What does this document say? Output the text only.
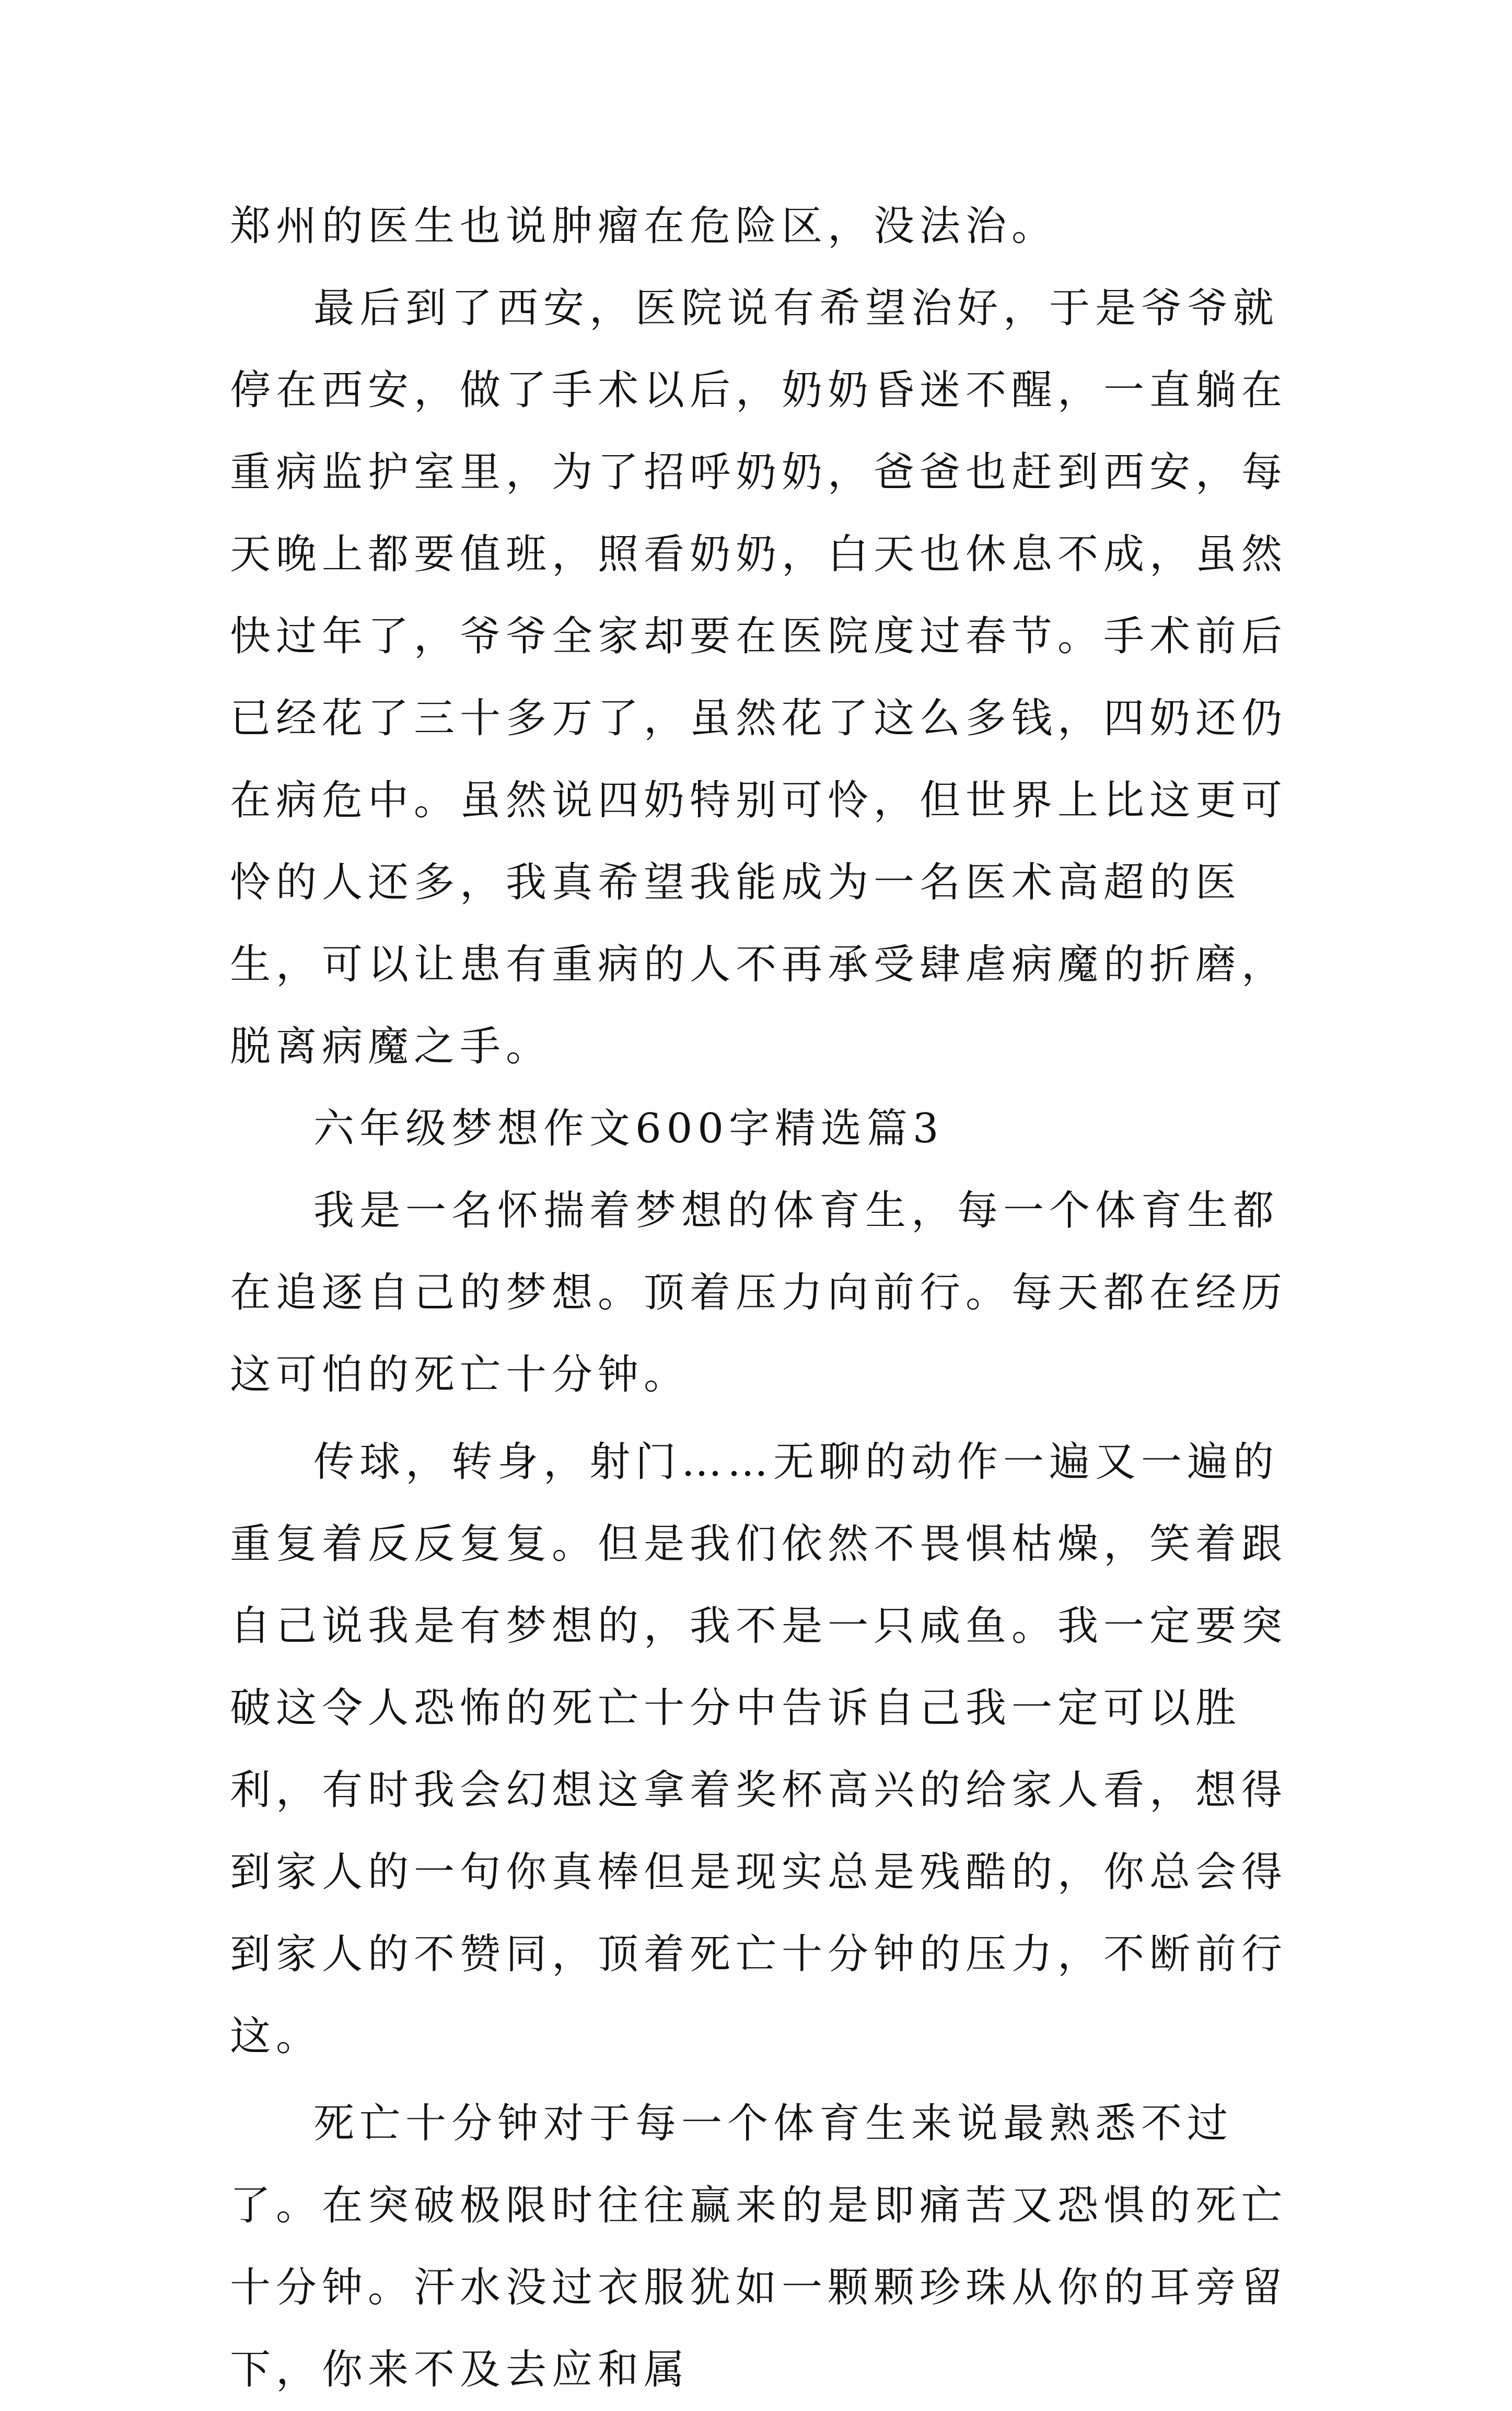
郑州的医生也说肿瘤在危险区，没法治。

最后到了西安，医院说有希望治好，于是爷爷就停在西安，做了手术以后，奶奶昏迷不醒，一直躺在重病监护室里，为了招呼奶奶，爸爸也赶到西安，每天晚上都要值班，照看奶奶，白天也休息不成，虽然快过年了，爷爷全家却要在医院度过春节。手术前后已经花了三十多万了，虽然花了这么多钱，四奶还仍在病危中。虽然说四奶特别可怜，但世界上比这更可怜的人还多，我真希望我能成为一名医术高超的医生，可以让患有重病的人不再承受肆虐病魔的折磨，脱离病魔之手。

六年级梦想作文600字精选篇3

我是一名怀揣着梦想的体育生，每一个体育生都在追逐自己的梦想。顶着压力向前行。每天都在经历这可怕的死亡十分钟。

传球，转身，射门……无聊的动作一遍又一遍的重复着反反复复。但是我们依然不畏惧枯燥，笑着跟自己说我是有梦想的，我不是一只咸鱼。我一定要突破这令人恐怖的死亡十分中告诉自己我一定可以胜利，有时我会幻想这拿着奖杯高兴的给家人看，想得到家人的一句你真棒但是现实总是残酷的，你总会得到家人的不赞同，顶着死亡十分钟的压力，不断前行这。

死亡十分钟对于每一个体育生来说最熟悉不过了。在突破极限时往往赢来的是即痛苦又恐惧的死亡十分钟。汗水没过衣服犹如一颗颗珍珠从你的耳旁留下，你来不及去应和属
